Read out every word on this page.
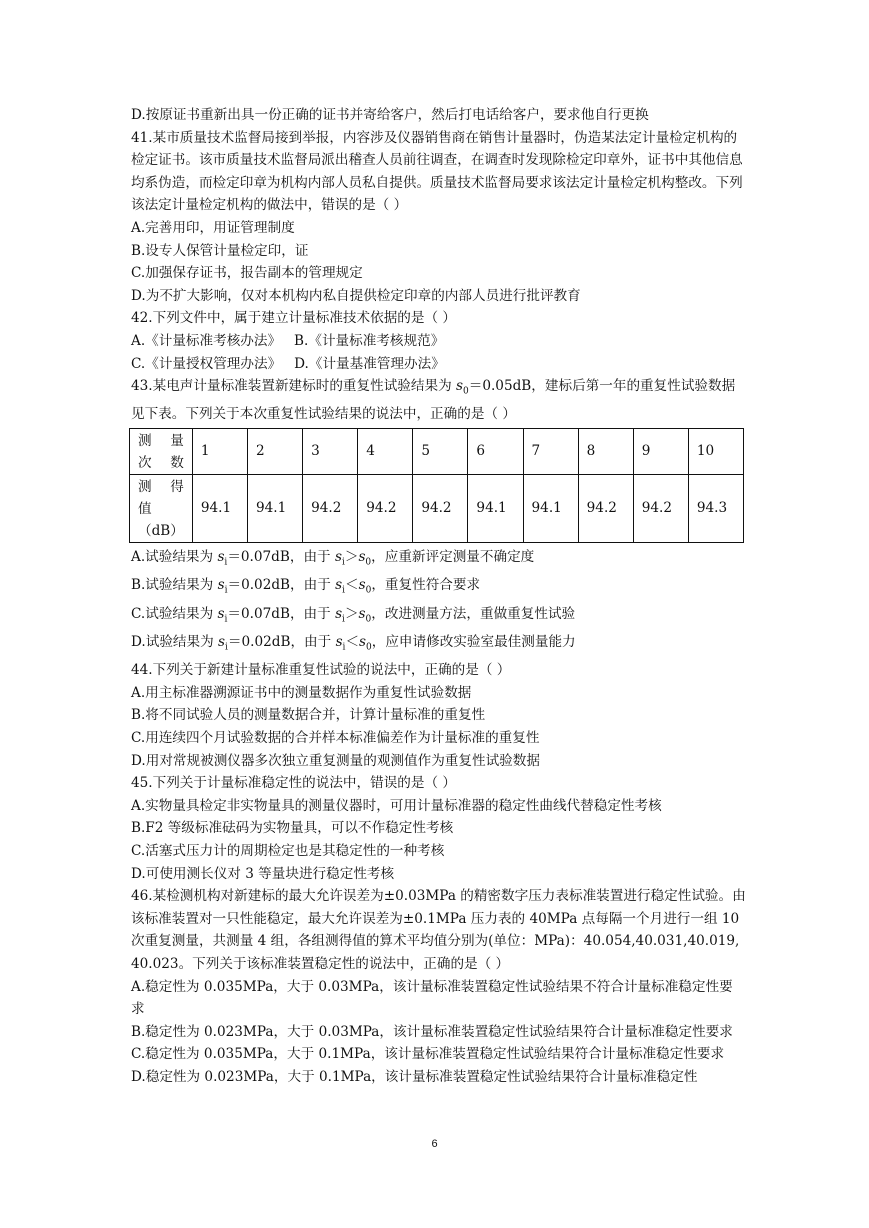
D.按原证书重新出具一份正确的证书并寄给客户，然后打电话给客户，要求他自行更换

41.某市质量技术监督局接到举报，内容涉及仪器销售商在销售计量器时，伪造某法定计量检定机构的检定证书。该市质量技术监督局派出稽查人员前往调查，在调查时发现除检定印章外，证书中其他信息均系伪造，而检定印章为机构内部人员私自提供。质量技术监督局要求该法定计量检定机构整改。下列该法定计量检定机构的做法中，错误的是（ ）

A.完善用印，用证管理制度

B.设专人保管计量检定印，证

C.加强保存证书，报告副本的管理规定

D.为不扩大影响，仅对本机构内私自提供检定印章的内部人员进行批评教育

42.下列文件中，属于建立计量标准技术依据的是（ ）

A.《计量标准考核办法》   B.《计量标准考核规范》

C.《计量授权管理办法》   D.《计量基准管理办法》

43.某电声计量标准装置新建标时的重复性试验结果为 $s_0=0.05dB$，建标后第一年的重复性试验数据见下表。下列关于本次重复性试验结果的说法中，正确的是（ ）

测 量 次数	1	2	3	4	5	6	7	8	9	10
测 得 值 （dB）	94.1	94.1	94.2	94.2	94.2	94.1	94.1	94.2	94.2	94.3

A.试验结果为 $s_i=0.07dB$，由于 $s_i>s_0$，应重新评定测量不确定度

B.试验结果为 $s_i=0.02dB$，由于 $s_i<s_0$，重复性符合要求

C.试验结果为 $s_i=0.07dB$，由于 $s_i>s_0$，改进测量方法，重做重复性试验

D.试验结果为 $s_i=0.02dB$，由于 $s_i<s_0$，应申请修改实验室最佳测量能力

44.下列关于新建计量标准重复性试验的说法中，正确的是（ ）

A.用主标准器溯源证书中的测量数据作为重复性试验数据

B.将不同试验人员的测量数据合并，计算计量标准的重复性

C.用连续四个月试验数据的合并样本标准偏差作为计量标准的重复性

D.用对常规被测仪器多次独立重复测量的观测值作为重复性试验数据

45.下列关于计量标准稳定性的说法中，错误的是（ ）

A.实物量具检定非实物量具的测量仪器时，可用计量标准器的稳定性曲线代替稳定性考核

B.F2 等级标准砝码为实物量具，可以不作稳定性考核

C.活塞式压力计的周期检定也是其稳定性的一种考核

D.可使用测长仪对 3 等量块进行稳定性考核

46.某检测机构对新建标的最大允许误差为±0.03MPa 的精密数字压力表标准装置进行稳定性试验。由该标准装置对一只性能稳定，最大允许误差为±0.1MPa 压力表的 40MPa 点每隔一个月进行一组 10 次重复测量，共测量 4 组，各组测得值的算术平均值分别为(单位：MPa)：40.054,40.031,40.019,40.023。下列关于该标准装置稳定性的说法中，正确的是（ ）

A.稳定性为 0.035MPa，大于 0.03MPa，该计量标准装置稳定性试验结果不符合计量标准稳定性要求

B.稳定性为 0.023MPa，大于 0.03MPa，该计量标准装置稳定性试验结果符合计量标准稳定性要求

C.稳定性为 0.035MPa，大于 0.1MPa，该计量标准装置稳定性试验结果符合计量标准稳定性要求

D.稳定性为 0.023MPa，大于 0.1MPa，该计量标准装置稳定性试验结果符合计量标准稳定性

6
